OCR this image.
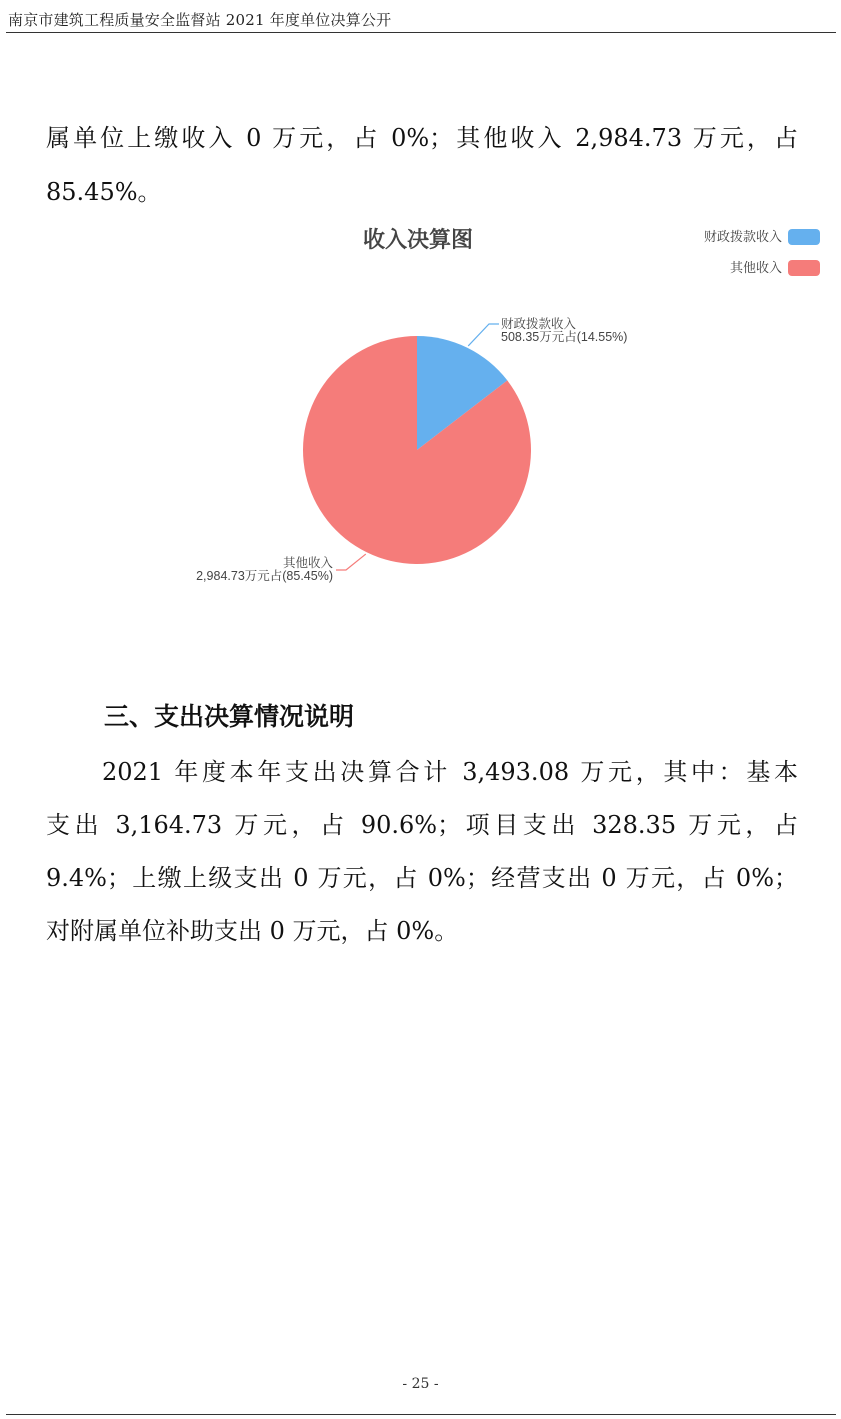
南京市建筑工程质量安全监督站 2021 年度单位决算公开
属单位上缴收入 0 万元，占 0%；其他收入 2,984.73 万元，占
85.45%。
收入决算图	财政拨款收入
其他收入
财政拨款收入
508.35万元占(14.55%)
其他收入
2,984.73万元占(85.45%)
三、支出决算情况说明
2021 年度本年支出决算合计 3,493.08 万元，其中：基本
支出 3,164.73 万元，占 90.6%；项目支出 328.35 万元，占
9.4%；上缴上级支出 0 万元，占 0%；经营支出 0 万元，占 0%；
对附属单位补助支出 0 万元，占 0%。
- 25 -
